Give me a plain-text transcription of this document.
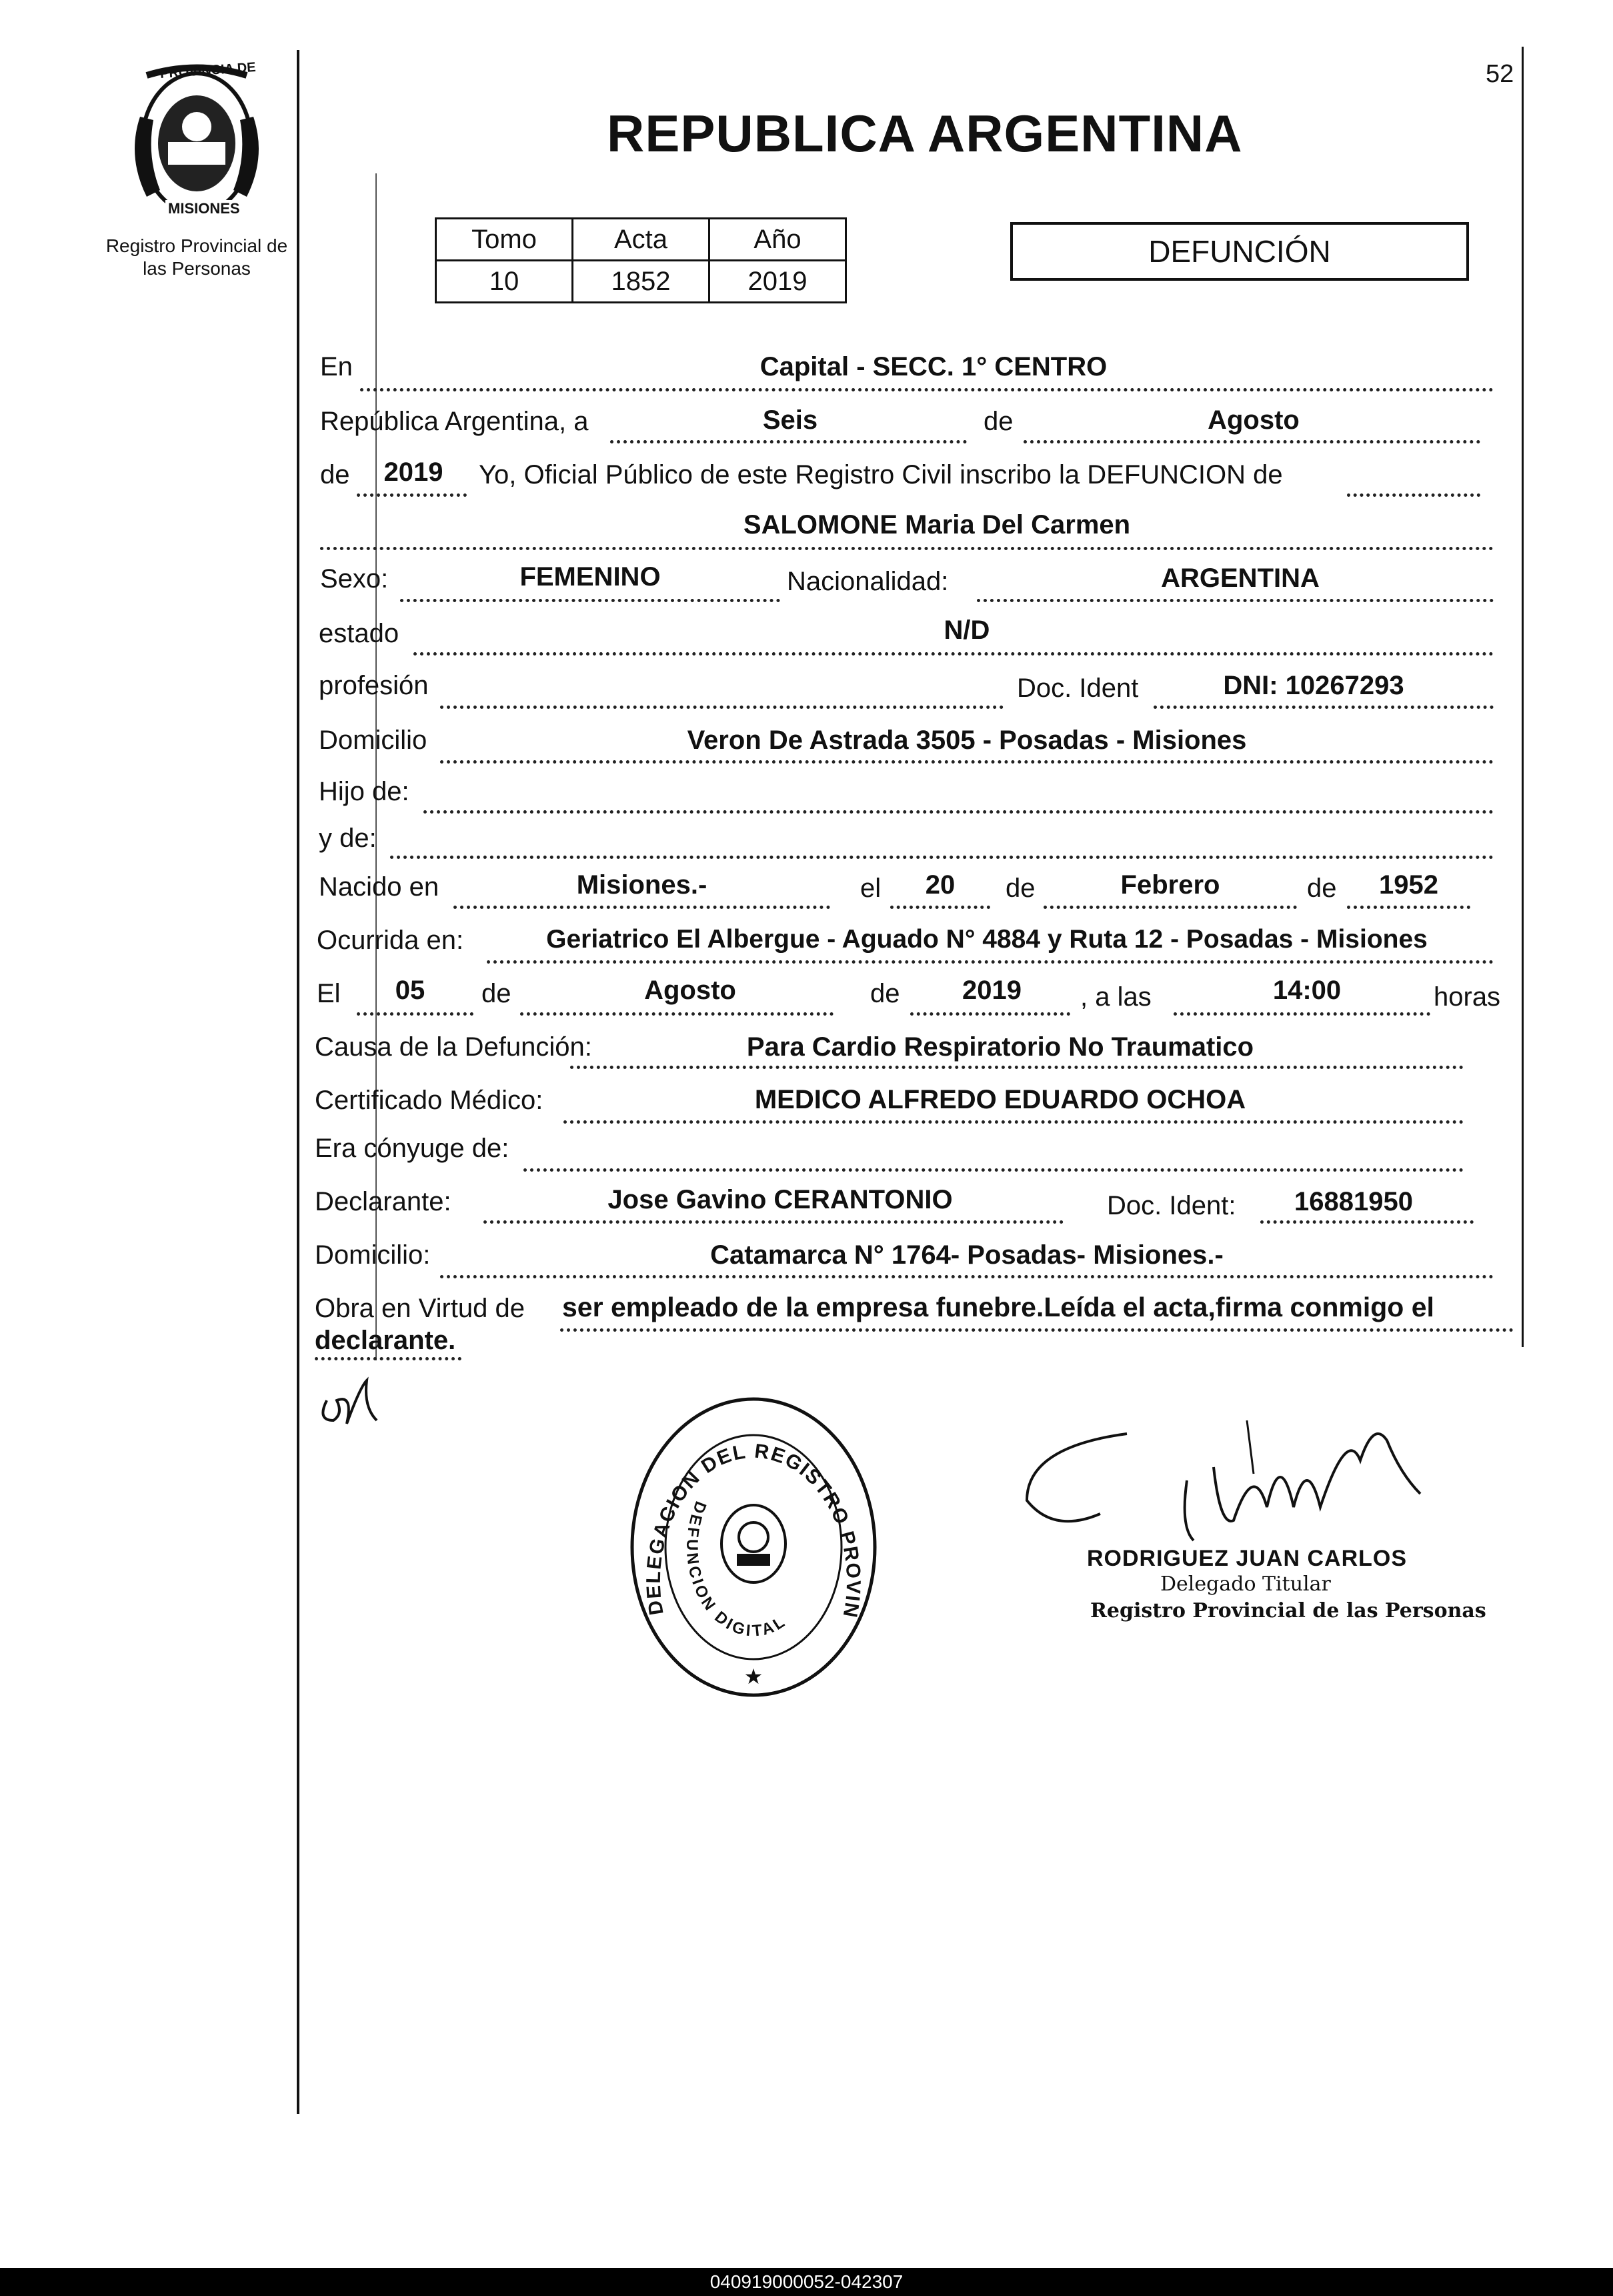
PROVINCIA DE
MISIONES
Registro Provincial de
las Personas
52
REPUBLICA ARGENTINA
Tomo	Acta	Año
10	1852	2019
DEFUNCIÓN
En	Capital - SECC. 1° CENTRO
República Argentina, a	Seis	de	Agosto
de	2019	Yo, Oficial Público de este Registro Civil inscribo la DEFUNCION de
SALOMONE Maria Del Carmen
Sexo:	FEMENINO	Nacionalidad:	ARGENTINA
estado	N/D
profesión	Doc. Ident	DNI: 10267293
Domicilio	Veron De Astrada 3505 - Posadas - Misiones
Hijo de:
y de:
Nacido en	Misiones.-	el	20	de	Febrero	de	1952
Ocurrida en:	Geriatrico El Albergue - Aguado N° 4884 y Ruta 12 - Posadas - Misiones
El	05	de	Agosto	de	2019	, a las	14:00	horas
Causa de la Defunción:	Para Cardio Respiratorio No Traumatico
Certificado Médico:	MEDICO ALFREDO EDUARDO OCHOA
Era cónyuge de:
Declarante:	Jose Gavino CERANTONIO	Doc. Ident:	16881950
Domicilio:	Catamarca N° 1764- Posadas- Misiones.-
Obra en Virtud de ser empleado de la empresa funebre.Leída el acta,firma conmigo el
declarante.
DELEGACION DEL REGISTRO PROVIN
DEFUNCION DIGITAL
★
RODRIGUEZ JUAN CARLOS
Delegado Titular
Registro Provincial de las Personas
040919000052-042307
